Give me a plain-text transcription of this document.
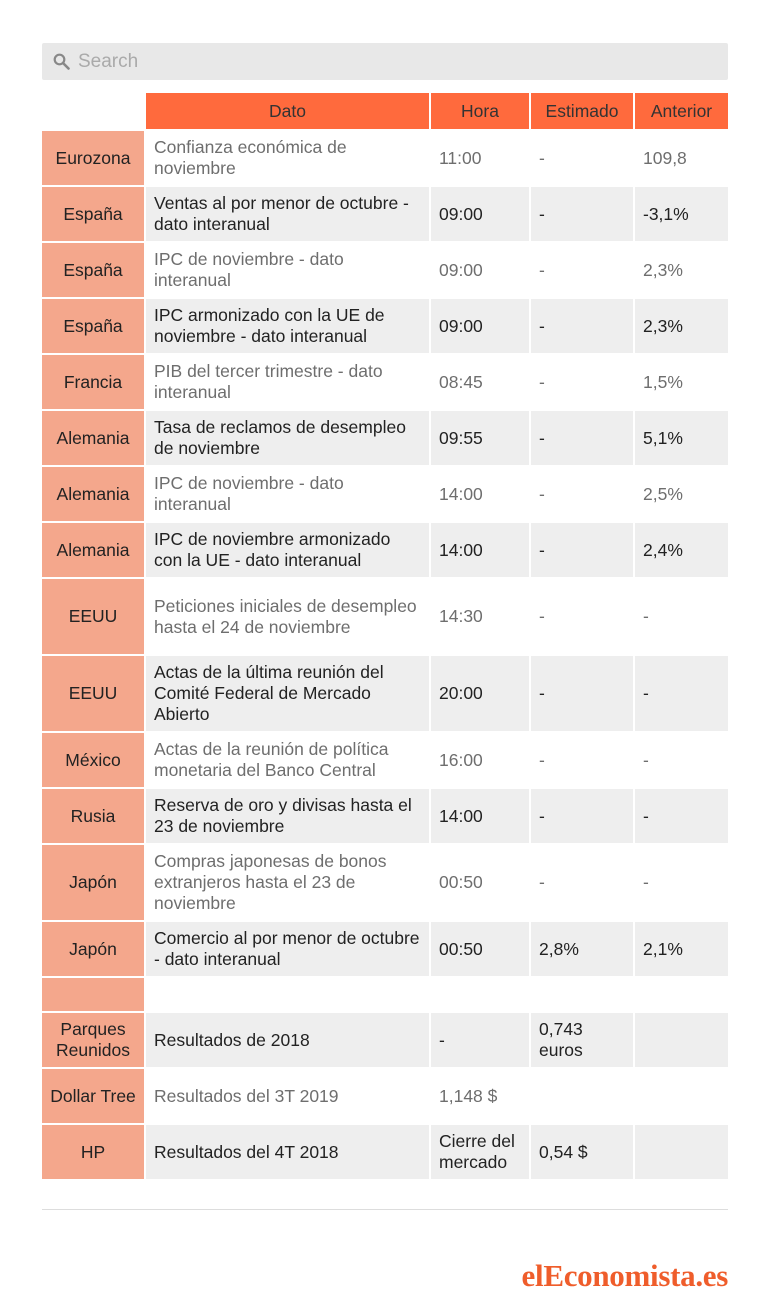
Search
	Dato	Hora	Estimado	Anterior
Eurozona	Confianza económica de noviembre	11:00	-	109,8
España	Ventas al por menor de octubre - dato interanual	09:00	-	-3,1%
España	IPC de noviembre - dato interanual	09:00	-	2,3%
España	IPC armonizado con la UE de noviembre - dato interanual	09:00	-	2,3%
Francia	PIB del tercer trimestre - dato interanual	08:45	-	1,5%
Alemania	Tasa de reclamos de desempleo de noviembre	09:55	-	5,1%
Alemania	IPC de noviembre - dato interanual	14:00	-	2,5%
Alemania	IPC de noviembre armonizado con la UE - dato interanual	14:00	-	2,4%
EEUU	Peticiones iniciales de desempleo hasta el 24 de noviembre	14:30	-	-
EEUU	Actas de la última reunión del Comité Federal de Mercado Abierto	20:00	-	-
México	Actas de la reunión de política monetaria del Banco Central	16:00	-	-
Rusia	Reserva de oro y divisas hasta el 23 de noviembre	14:00	-	-
Japón	Compras japonesas de bonos extranjeros hasta el 23 de noviembre	00:50	-	-
Japón	Comercio al por menor de octubre - dato interanual	00:50	2,8%	2,1%

Parques Reunidos	Resultados de 2018	-	0,743 euros	
Dollar Tree	Resultados del 3T 2019	1,148 $		
HP	Resultados del 4T 2018	Cierre del mercado	0,54 $	
elEconomista.es
